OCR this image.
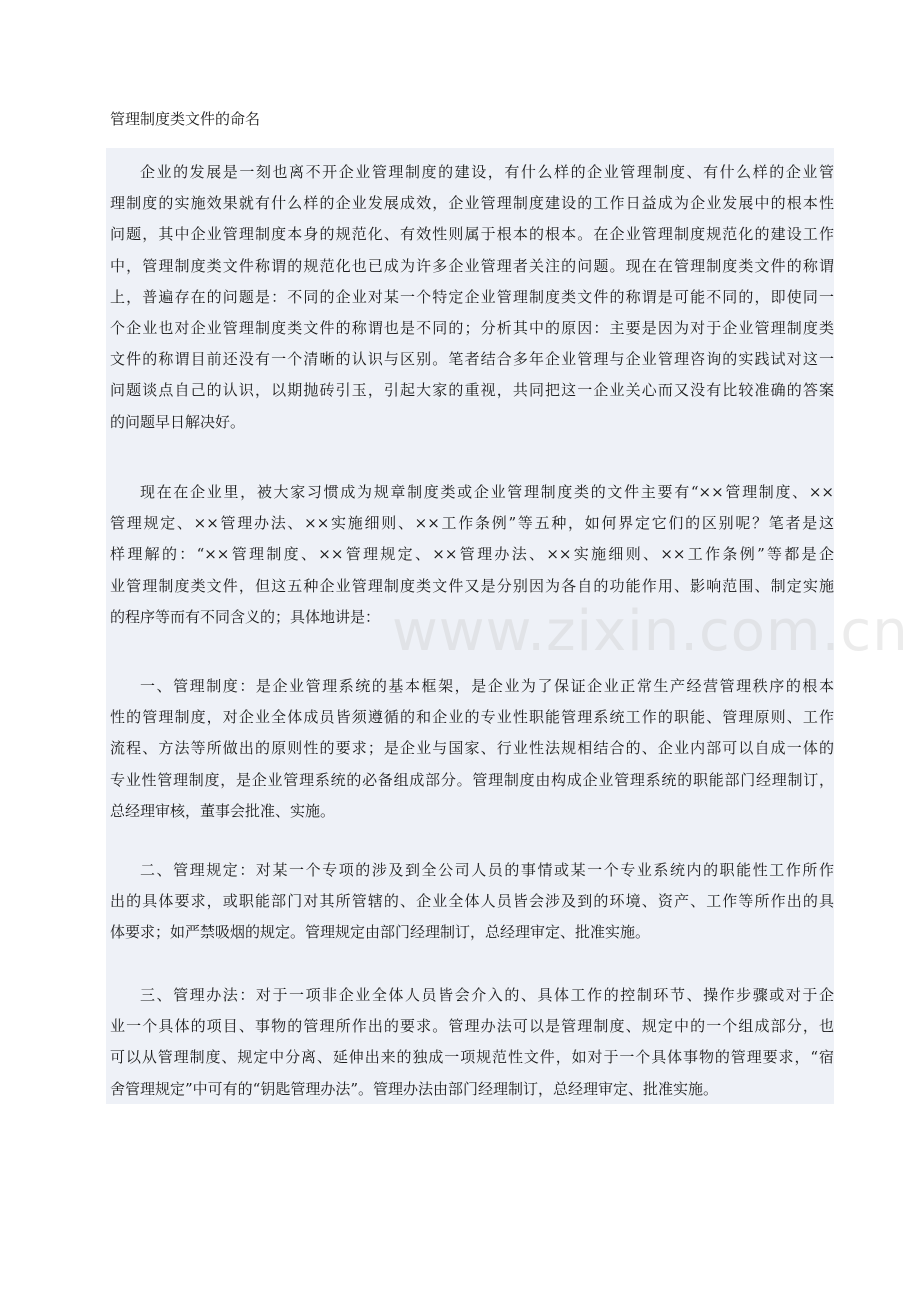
管理制度类文件的命名
www.zixin.com.cn

企业的发展是一刻也离不开企业管理制度的建设，有什么样的企业管理制度、有什么样的企业管
理制度的实施效果就有什么样的企业发展成效，企业管理制度建设的工作日益成为企业发展中的根本性
问题，其中企业管理制度本身的规范化、有效性则属于根本的根本。在企业管理制度规范化的建设工作
中，管理制度类文件称谓的规范化也已成为许多企业管理者关注的问题。现在在管理制度类文件的称谓
上，普遍存在的问题是：不同的企业对某一个特定企业管理制度类文件的称谓是可能不同的，即使同一
个企业也对企业管理制度类文件的称谓也是不同的；分析其中的原因：主要是因为对于企业管理制度类
文件的称谓目前还没有一个清晰的认识与区别。笔者结合多年企业管理与企业管理咨询的实践试对这一
问题谈点自己的认识，以期抛砖引玉，引起大家的重视，共同把这一企业关心而又没有比较准确的答案
的问题早日解决好。

现在在企业里，被大家习惯成为规章制度类或企业管理制度类的文件主要有“××管理制度、××
管理规定、××管理办法、××实施细则、××工作条例”等五种，如何界定它们的区别呢？笔者是这
样理解的：“××管理制度、××管理规定、××管理办法、××实施细则、××工作条例”等都是企
业管理制度类文件，但这五种企业管理制度类文件又是分别因为各自的功能作用、影响范围、制定实施
的程序等而有不同含义的；具体地讲是：

一、管理制度：是企业管理系统的基本框架，是企业为了保证企业正常生产经营管理秩序的根本
性的管理制度，对企业全体成员皆须遵循的和企业的专业性职能管理系统工作的职能、管理原则、工作
流程、方法等所做出的原则性的要求；是企业与国家、行业性法规相结合的、企业内部可以自成一体的
专业性管理制度，是企业管理系统的必备组成部分。管理制度由构成企业管理系统的职能部门经理制订，
总经理审核，董事会批准、实施。

二、管理规定：对某一个专项的涉及到全公司人员的事情或某一个专业系统内的职能性工作所作
出的具体要求，或职能部门对其所管辖的、企业全体人员皆会涉及到的环境、资产、工作等所作出的具
体要求；如严禁吸烟的规定。管理规定由部门经理制订，总经理审定、批准实施。

三、管理办法：对于一项非企业全体人员皆会介入的、具体工作的控制环节、操作步骤或对于企
业一个具体的项目、事物的管理所作出的要求。管理办法可以是管理制度、规定中的一个组成部分，也
可以从管理制度、规定中分离、延伸出来的独成一项规范性文件，如对于一个具体事物的管理要求，“宿
舍管理规定”中可有的“钥匙管理办法”。管理办法由部门经理制订，总经理审定、批准实施。
